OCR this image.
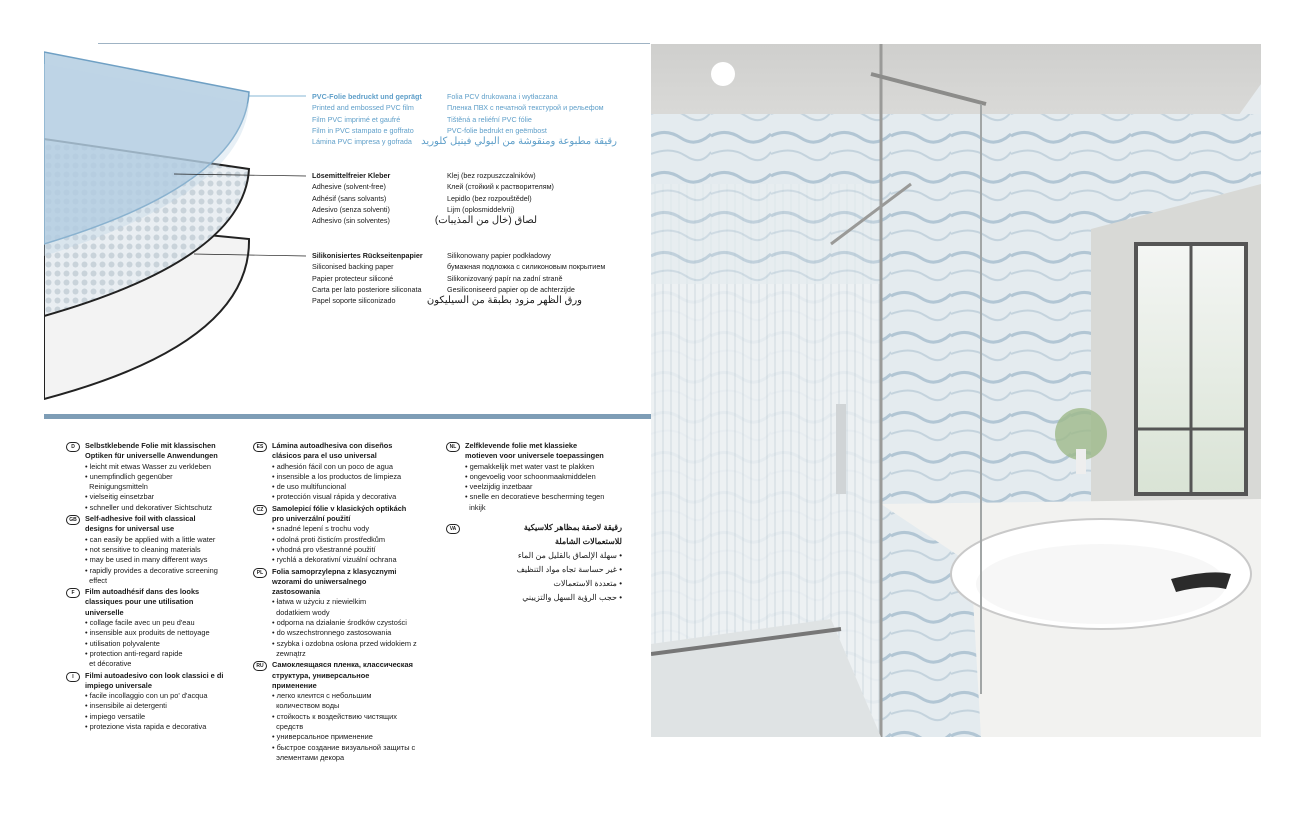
PVC-Folie bedruckt und geprägt
Printed and embossed PVC film
Film PVC imprimé et gaufré
Film in PVC stampato e goffrato
Lámina PVC impresa y gofrada
Folia PCV drukowana i wytłaczana
Пленка ПВХ с печатной текстурой и рельефом
Tištěná a reliéfní PVC fólie
PVC-folie bedrukt en geëmbost
رقيقة مطبوعة ومنقوشة من البولي فينيل كلوريد
Lösemittelfreier Kleber
Adhesive (solvent-free)
Adhésif (sans solvants)
Adesivo (senza solventi)
Adhesivo (sin solventes)
Klej (bez rozpuszczalników)
Клей (стойкий к растворителям)
Lepidlo (bez rozpouštědel)
Lijm (oplosmiddelvrij)
لصاق (خال من المذيبات)
Silikonisiertes Rückseitenpapier
Siliconised backing paper
Papier protecteur siliconé
Carta per lato posteriore siliconata
Papel soporte siliconizado
Silikonowany papier podkładowy
бумажная подложка с силиконовым покрытием
Silikonizovaný papír na zadní straně
Gesiliconiseerd papier op de achterzijde
ورق الظهر مزود بطبقة من السيليكون
D	Selbstklebende Folie mit klassischen
Optiken für universelle Anwendungen
• leicht mit etwas Wasser zu verkleben
• unempfindlich gegenüber
Reinigungsmitteln
• vielseitig einsetzbar
• schneller und dekorativer Sichtschutz
GB	Self-adhesive foil with classical
designs for universal use
• can easily be applied with a little water
• not sensitive to cleaning materials
• may be used in many different ways
• rapidly provides a decorative screening
effect
F	Film autoadhésif dans des looks
classiques pour une utilisation
universelle
• collage facile avec un peu d'eau
• insensible aux produits de nettoyage
• utilisation polyvalente
• protection anti-regard rapide
et décorative
I	Filmi autoadesivo con look classici e di
impiego universale
• facile incollaggio con un po' d'acqua
• insensibile ai detergenti
• impiego versatile
• protezione vista rapida e decorativa
ES	Lámina autoadhesiva con diseños
clásicos para el uso universal
• adhesión fácil con un poco de agua
• insensible a los productos de limpieza
• de uso multifuncional
• protección visual rápida y decorativa
CZ	Samolepicí fólie v klasických optikách
pro univerzální použití
• snadné lepení s trochu vody
• odolná proti čisticím prostředkům
• vhodná pro všestranné použití
• rychlá a dekorativní vizuální ochrana
PL	Folia samoprzylepna z klasycznymi
wzorami do uniwersalnego
zastosowania
• łatwa w użyciu z niewielkim
dodatkiem wody
• odporna na działanie środków czystości
• do wszechstronnego zastosowania
• szybka i ozdobna osłona przed widokiem z
zewnątrz
RU	Самоклеящаяся пленка, классическая
структура, универсальное
применение
• легко клеится с небольшим
количеством воды
• стойкость к воздействию чистящих
средств
• универсальное применение
• быстрое создание визуальной защиты с
элементами декора
NL	Zelfklevende folie met klassieke
motieven voor universele toepassingen
• gemakkelijk met water vast te plakken
• ongevoelig voor schoonmaakmiddelen
• veelzijdig inzetbaar
• snelle en decoratieve bescherming tegen
inkijk
VA	رقيقة لاصقة بمظاهر كلاسيكية
للاستعمالات الشاملة
• سهلة الإلصاق بالقليل من الماء
• غير حساسة تجاه مواد التنظيف
• متعددة الاستعمالات
• حجب الرؤية السهل والتزييني
